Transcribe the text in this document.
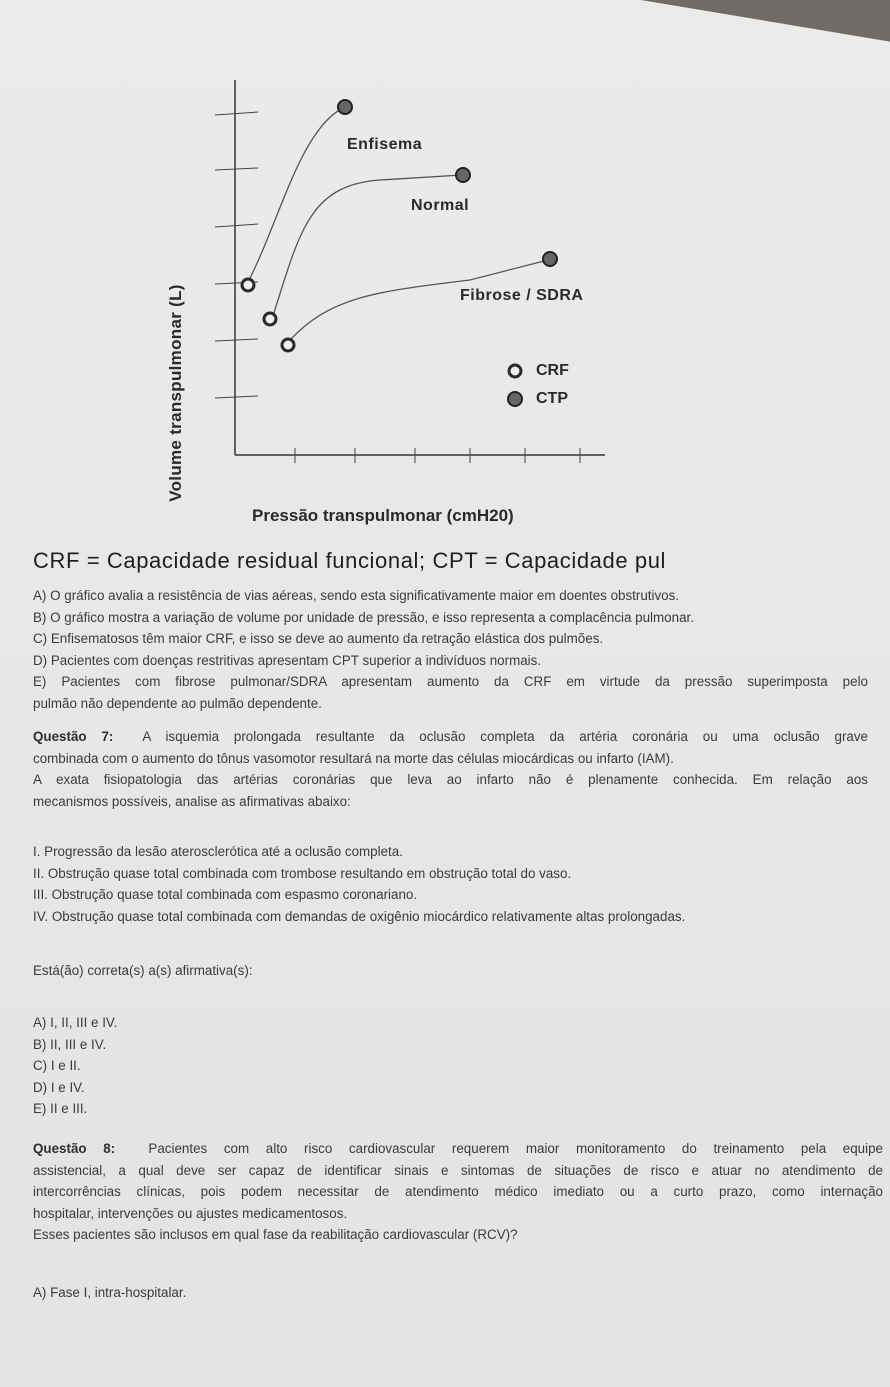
Volume transpulmonar (L)
Pressão transpulmonar (cmH20)
Enfisema
Normal
Fibrose / SDRA
CRF
CTP
CRF = Capacidade residual funcional; CPT = Capacidade pul
A) O gráfico avalia a resistência de vias aéreas, sendo esta significativamente maior em doentes obstrutivos.
B) O gráfico mostra a variação de volume por unidade de pressão, e isso representa a complacência pulmonar.
C) Enfisematosos têm maior CRF, e isso se deve ao aumento da retração elástica dos pulmões.
D) Pacientes com doenças restritivas apresentam CPT superior a indivíduos normais.
E) Pacientes com fibrose pulmonar/SDRA apresentam aumento da CRF em virtude da pressão superimposta pelo
pulmão não dependente ao pulmão dependente.
Questão 7: A isquemia prolongada resultante da oclusão completa da artéria coronária ou uma oclusão grave
combinada com o aumento do tônus vasomotor resultará na morte das células miocárdicas ou infarto (IAM).
A exata fisiopatologia das artérias coronárias que leva ao infarto não é plenamente conhecida. Em relação aos
mecanismos possíveis, analise as afirmativas abaixo:
I. Progressão da lesão aterosclerótica até a oclusão completa.
II. Obstrução quase total combinada com trombose resultando em obstrução total do vaso.
III. Obstrução quase total combinada com espasmo coronariano.
IV. Obstrução quase total combinada com demandas de oxigênio miocárdico relativamente altas prolongadas.
Está(ão) correta(s) a(s) afirmativa(s):
A) I, II, III e IV.
B) II, III e IV.
C) I e II.
D) I e IV.
E) II e III.
Questão 8: Pacientes com alto risco cardiovascular requerem maior monitoramento do treinamento pela equipe
assistencial, a qual deve ser capaz de identificar sinais e sintomas de situações de risco e atuar no atendimento de
intercorrências clínicas, pois podem necessitar de atendimento médico imediato ou a curto prazo, como internação
hospitalar, intervenções ou ajustes medicamentosos.
Esses pacientes são inclusos em qual fase da reabilitação cardiovascular (RCV)?
A) Fase I, intra-hospitalar.
